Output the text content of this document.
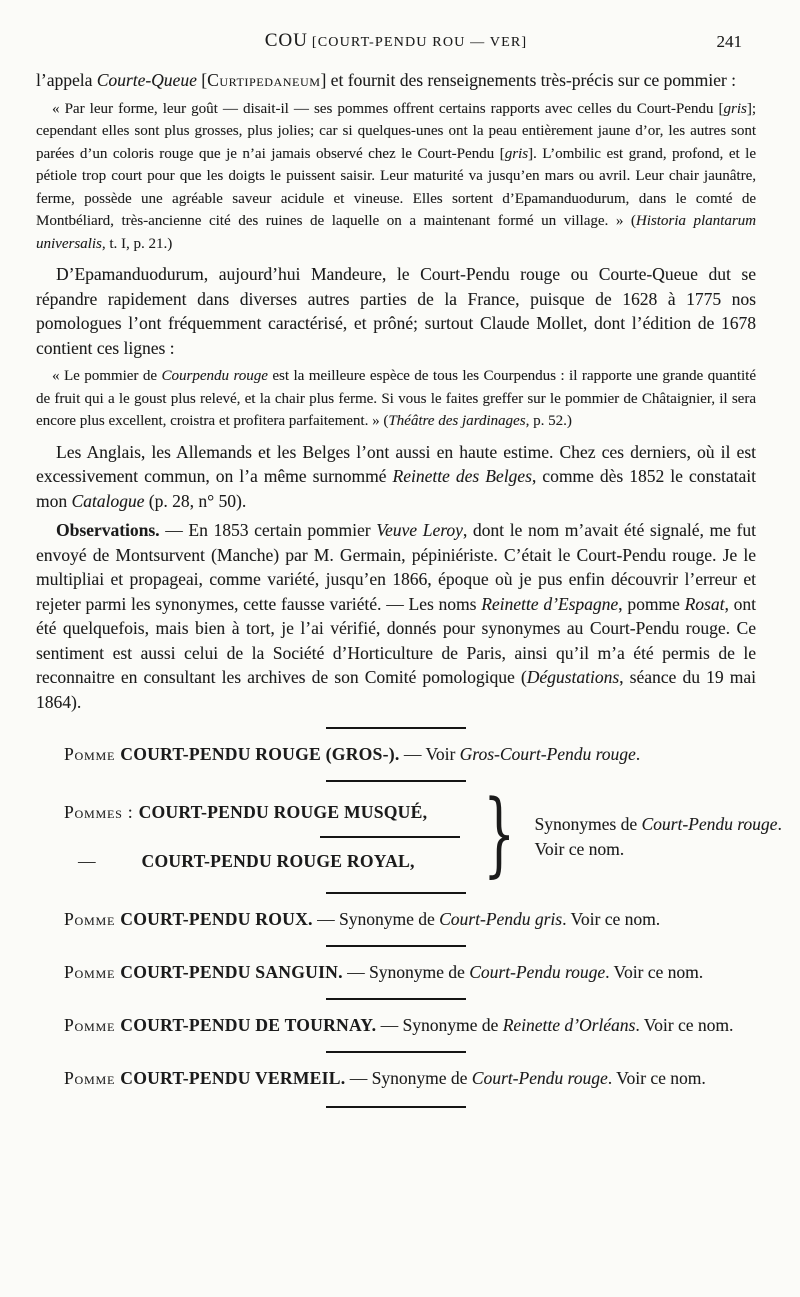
COU [COURT-PENDU ROU — VER]	241

l’appela Courte-Queue [Curtipedaneum] et fournit des renseignements très-précis sur ce pommier :

« Par leur forme, leur goût — disait-il — ses pommes offrent certains rapports avec celles du Court-Pendu [gris]; cependant elles sont plus grosses, plus jolies; car si quelques-unes ont la peau entièrement jaune d’or, les autres sont parées d’un coloris rouge que je n’ai jamais observé chez le Court-Pendu [gris]. L’ombilic est grand, profond, et le pétiole trop court pour que les doigts le puissent saisir. Leur maturité va jusqu’en mars ou avril. Leur chair jaunâtre, ferme, possède une agréable saveur acidule et vineuse. Elles sortent d’Epamanduodurum, dans le comté de Montbéliard, très-ancienne cité des ruines de laquelle on a maintenant formé un village. » (Historia plantarum universalis, t. I, p. 21.)

D’Epamanduodurum, aujourd’hui Mandeure, le Court-Pendu rouge ou Courte-Queue dut se répandre rapidement dans diverses autres parties de la France, puisque de 1628 à 1775 nos pomologues l’ont fréquemment caractérisé, et prôné; surtout Claude Mollet, dont l’édition de 1678 contient ces lignes :

« Le pommier de Courpendu rouge est la meilleure espèce de tous les Courpendus : il rapporte une grande quantité de fruit qui a le goust plus relevé, et la chair plus ferme. Si vous le faites greffer sur le pommier de Châtaignier, il sera encore plus excellent, croistra et profitera parfaitement. » (Théâtre des jardinages, p. 52.)

Les Anglais, les Allemands et les Belges l’ont aussi en haute estime. Chez ces derniers, où il est excessivement commun, on l’a même surnommé Reinette des Belges, comme dès 1852 le constatait mon Catalogue (p. 28, n° 50).

Observations. — En 1853 certain pommier Veuve Leroy, dont le nom m’avait été signalé, me fut envoyé de Montsurvent (Manche) par M. Germain, pépiniériste. C’était le Court-Pendu rouge. Je le multipliai et propageai, comme variété, jusqu’en 1866, époque où je pus enfin découvrir l’erreur et rejeter parmi les synonymes, cette fausse variété. — Les noms Reinette d’Espagne, pomme Rosat, ont été quelquefois, mais bien à tort, je l’ai vérifié, donnés pour synonymes au Court-Pendu rouge. Ce sentiment est aussi celui de la Société d’Horticulture de Paris, ainsi qu’il m’a été permis de le reconnaitre en consultant les archives de son Comité pomologique (Dégustations, séance du 19 mai 1864).

Pomme COURT-PENDU ROUGE (GROS-). — Voir Gros-Court-Pendu rouge.

Pommes : COURT-PENDU ROUGE MUSQUÉ,
—	COURT-PENDU ROUGE ROYAL, } Synonymes de Court-Pendu rouge. Voir ce nom.

Pomme COURT-PENDU ROUX. — Synonyme de Court-Pendu gris. Voir ce nom.

Pomme COURT-PENDU SANGUIN. — Synonyme de Court-Pendu rouge. Voir ce nom.

Pomme COURT-PENDU DE TOURNAY. — Synonyme de Reinette d’Orléans. Voir ce nom.

Pomme COURT-PENDU VERMEIL. — Synonyme de Court-Pendu rouge. Voir ce nom.
